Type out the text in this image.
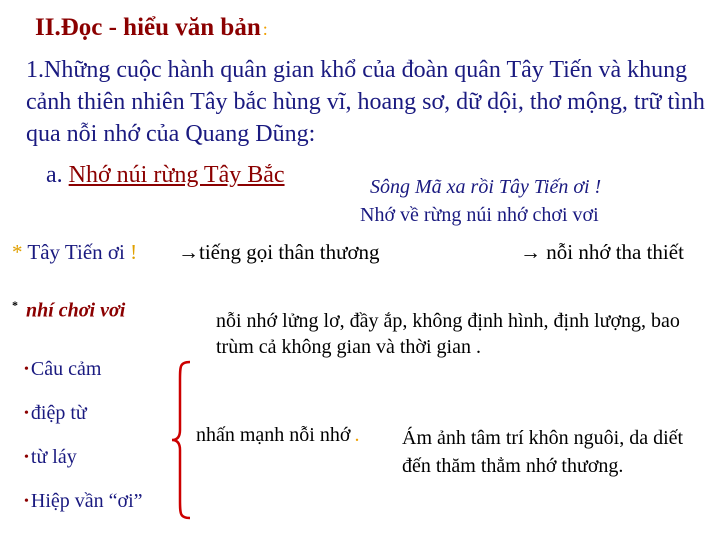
II.Đọc - hiểu văn bản :
1.Những cuộc hành quân gian khổ của đoàn quân Tây Tiến và khung cảnh thiên nhiên Tây bắc hùng vĩ, hoang sơ, dữ dội, thơ mộng, trữ tình qua nỗi nhớ của Quang Dũng:
a. Nhớ núi rừng Tây Bắc	Sông Mã xa rồi Tây Tiến ơi !
Nhớ về rừng núi nhớ chơi vơi
* Tây Tiến ơi ! →tiếng gọi thân thương	→ nỗi nhớ tha thiết
* nhí chơi vơi	nỗi nhớ lửng lơ, đầy ắp, không định hình, định lượng, bao trùm cả không gian và thời gian .
• Câu cảm
• điệp từ
• từ láy
• Hiệp vần “ơi”
nhấn mạnh nỗi nhớ . Ám ảnh tâm trí khôn nguôi, da diết đến thăm thẳm nhớ thương.
